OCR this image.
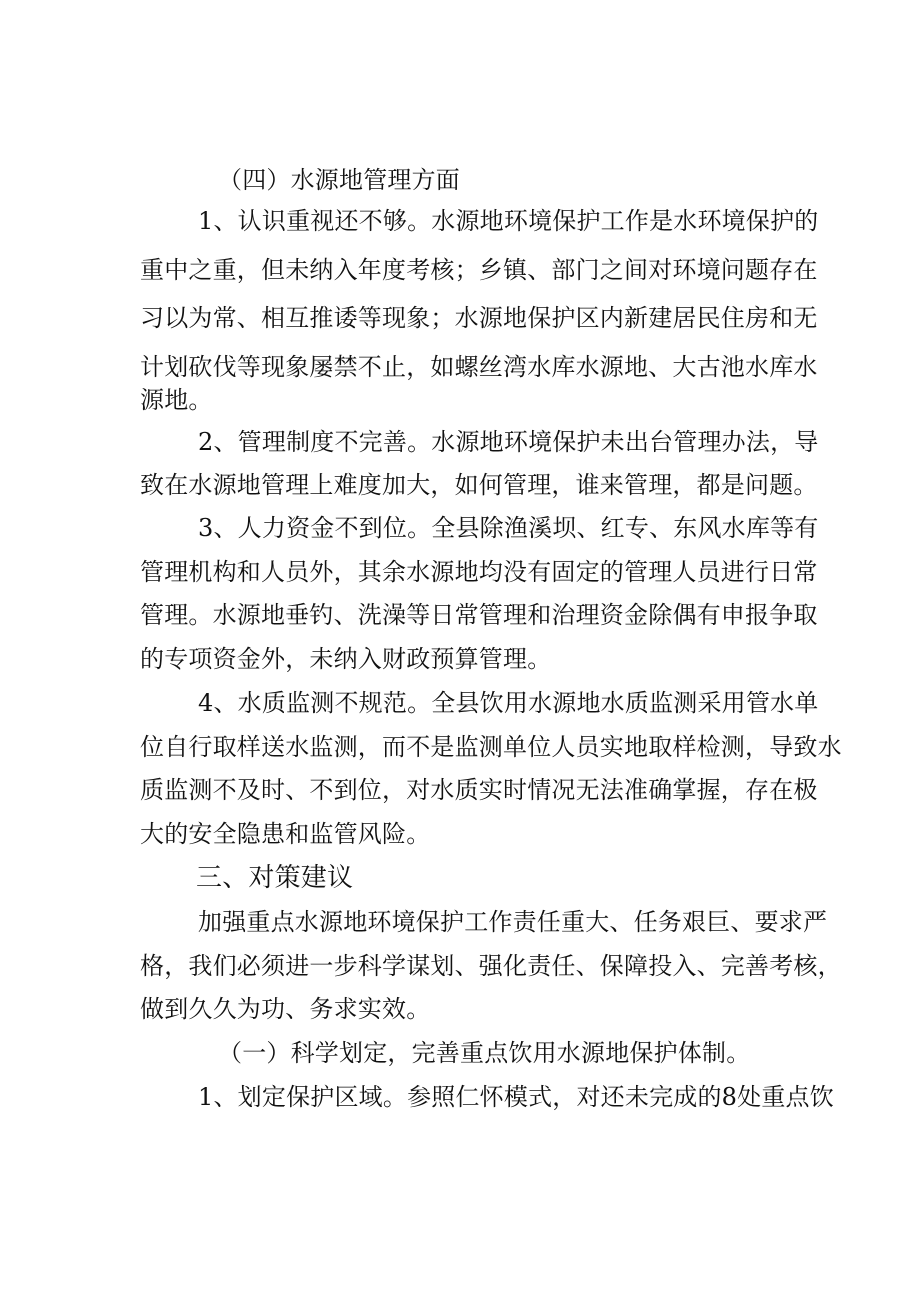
（四）水源地管理方面
1、认识重视还不够。水源地环境保护工作是水环境保护的
重中之重，但未纳入年度考核；乡镇、部门之间对环境问题存在
习以为常、相互推诿等现象；水源地保护区内新建居民住房和无
计划砍伐等现象屡禁不止，如螺丝湾水库水源地、大古池水库水
源地。
2、管理制度不完善。水源地环境保护未出台管理办法，导
致在水源地管理上难度加大，如何管理，谁来管理，都是问题。
3、人力资金不到位。全县除渔溪坝、红专、东风水库等有
管理机构和人员外，其余水源地均没有固定的管理人员进行日常
管理。水源地垂钓、洗澡等日常管理和治理资金除偶有申报争取
的专项资金外，未纳入财政预算管理。
4、水质监测不规范。全县饮用水源地水质监测采用管水单
位自行取样送水监测，而不是监测单位人员实地取样检测，导致水
质监测不及时、不到位，对水质实时情况无法准确掌握，存在极
大的安全隐患和监管风险。
三、对策建议
加强重点水源地环境保护工作责任重大、任务艰巨、要求严
格，我们必须进一步科学谋划、强化责任、保障投入、完善考核，
做到久久为功、务求实效。
（一）科学划定，完善重点饮用水源地保护体制。
1、划定保护区域。参照仁怀模式，对还未完成的8处重点饮
